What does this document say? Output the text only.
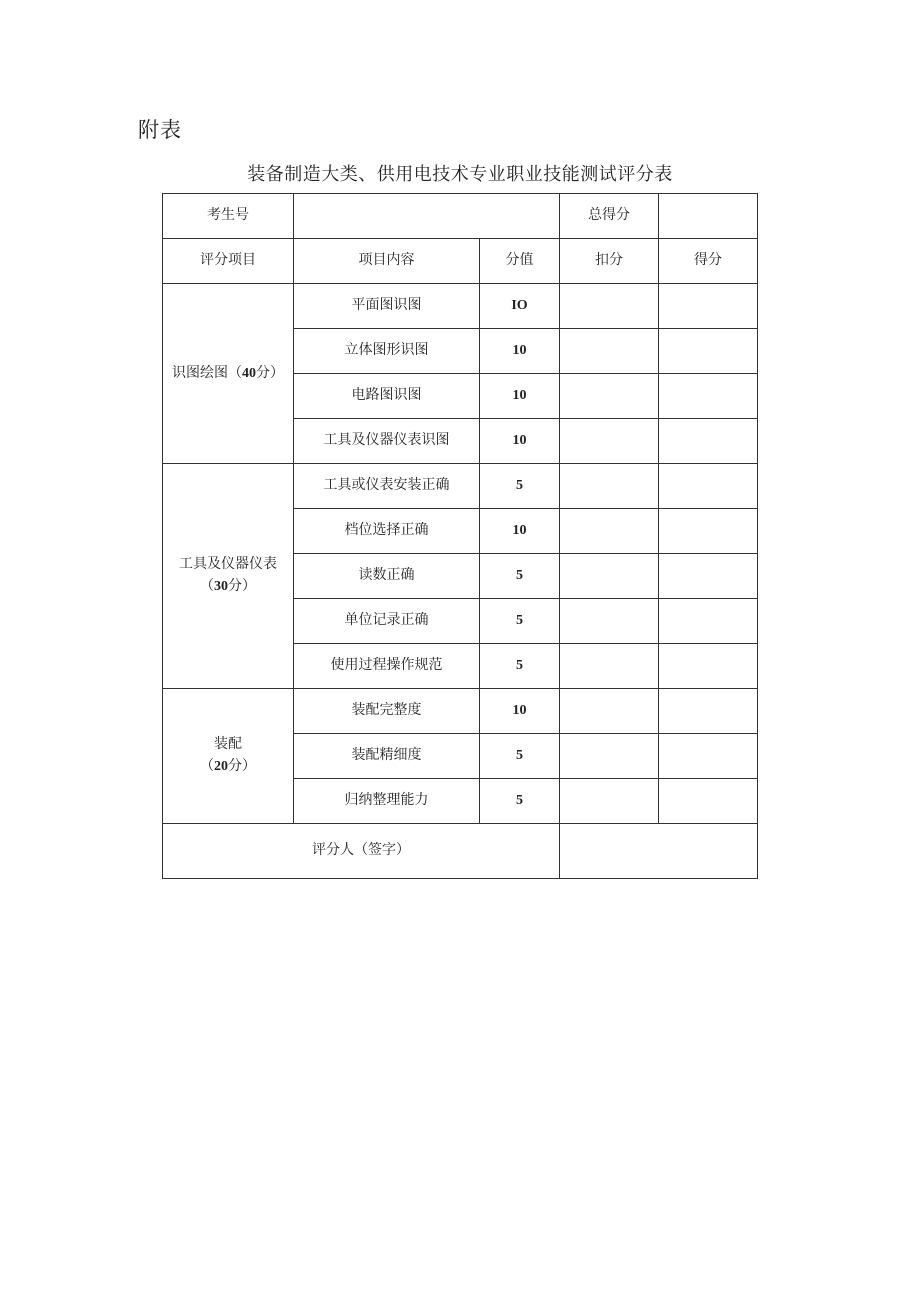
附表
装备制造大类、供用电技术专业职业技能测试评分表
考生号			总得分	
评分项目	项目内容	分值	扣分	得分
识图绘图（40分）	平面图识图	IO		
	立体图形识图	10		
	电路图识图	10		
	工具及仪器仪表识图	10		

工具及仪器仪表
（30分）	工具或仪表安装正确	5		
	档位选择正确	10		
	读数正确	5		
	单位记录正确	5		
	使用过程操作规范	5		

装配
（20分）	装配完整度	10		
	装配精细度	5		
	归纳整理能力	5		
评分人（签字）				
